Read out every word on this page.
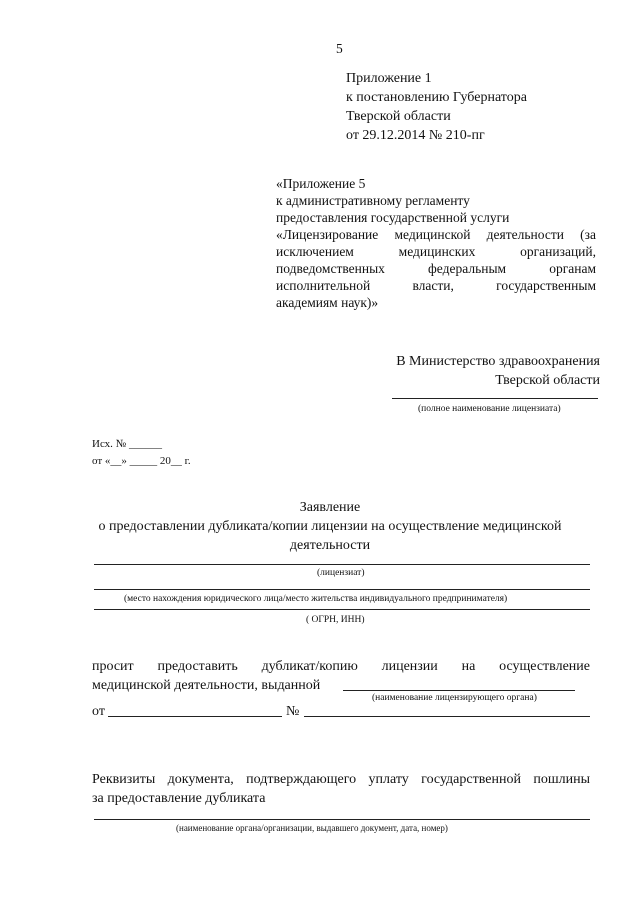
5
Приложение 1
к постановлению Губернатора
Тверской области
от 29.12.2014 № 210-пг
«Приложение 5
к административному регламенту
предоставления государственной услуги
«Лицензирование медицинской деятельности (за
исключением медицинских организаций,
подведомственных федеральным органам
исполнительной власти, государственным
академиям наук)»
В Министерство здравоохранения
Тверской области
(полное наименование лицензиата)
Исх. № ______
от «__» _____ 20__ г.
Заявление
о предоставлении дубликата/копии лицензии на осуществление медицинской
деятельности
(лицензиат)
(место нахождения юридического лица/место жительства индивидуального предпринимателя)
( ОГРН, ИНН)
просит предоставить дубликат/копию лицензии на осуществление
медицинской деятельности, выданной
(наименование лицензирующего органа)
от	№
Реквизиты документа, подтверждающего уплату государственной пошлины
за предоставление дубликата
(наименование органа/организации, выдавшего документ, дата, номер)
